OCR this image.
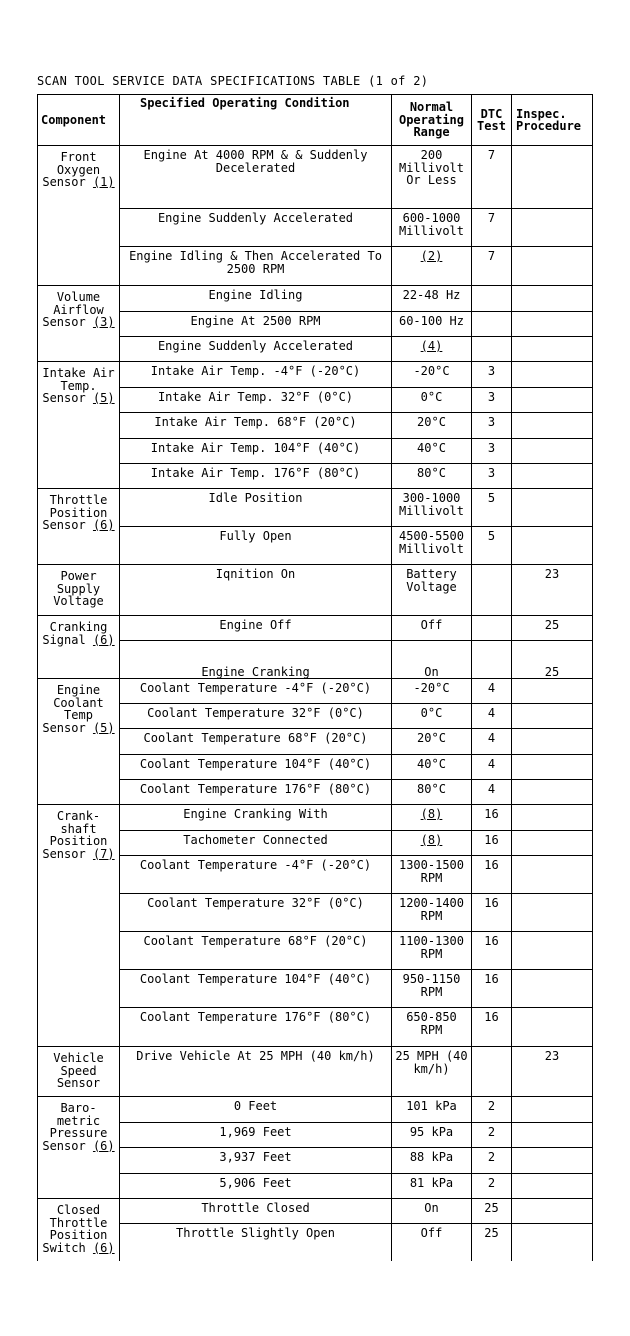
SCAN TOOL SERVICE DATA SPECIFICATIONS TABLE (1 of 2)
Component	Specified Operating Condition	Normal Operating Range	DTC Test	Inspec. Procedure
Front Oxygen Sensor (1)	Engine At 4000 RPM & & Suddenly Decelerated	200 Millivolt Or Less	7	
	Engine Suddenly Accelerated	600-1000 Millivolt	7	
	Engine Idling & Then Accelerated To 2500 RPM	(2)	7	
Volume Airflow Sensor (3)	Engine Idling	22-48 Hz		
	Engine At 2500 RPM	60-100 Hz		
	Engine Suddenly Accelerated	(4)		
Intake Air Temp. Sensor (5)	Intake Air Temp. -4°F (-20°C)	-20°C	3	
	Intake Air Temp. 32°F (0°C)	0°C	3	
	Intake Air Temp. 68°F (20°C)	20°C	3	
	Intake Air Temp. 104°F (40°C)	40°C	3	
	Intake Air Temp. 176°F (80°C)	80°C	3	
Throttle Position Sensor (6)	Idle Position	300-1000 Millivolt	5	
	Fully Open	4500-5500 Millivolt	5	
Power Supply Voltage	Iqnition On	Battery Voltage		23
Cranking Signal (6)	Engine Off	Off		25
	Engine Cranking	On		25
Engine Coolant Temp Sensor (5)	Coolant Temperature -4°F (-20°C)	-20°C	4	
	Coolant Temperature 32°F (0°C)	0°C	4	
	Coolant Temperature 68°F (20°C)	20°C	4	
	Coolant Temperature 104°F (40°C)	40°C	4	
	Coolant Temperature 176°F (80°C)	80°C	4	
Crank-shaft Position Sensor (7)	Engine Cranking With	(8)	16	
	Tachometer Connected	(8)	16	
	Coolant Temperature -4°F (-20°C)	1300-1500 RPM	16	
	Coolant Temperature 32°F (0°C)	1200-1400 RPM	16	
	Coolant Temperature 68°F (20°C)	1100-1300 RPM	16	
	Coolant Temperature 104°F (40°C)	950-1150 RPM	16	
	Coolant Temperature 176°F (80°C)	650-850 RPM	16	
Vehicle Speed Sensor	Drive Vehicle At 25 MPH (40 km/h)	25 MPH (40 km/h)		23
Baro-metric Pressure Sensor (6)	0 Feet	101 kPa	2	
	1,969 Feet	95 kPa	2	
	3,937 Feet	88 kPa	2	
	5,906 Feet	81 kPa	2	
Closed Throttle Position Switch (6)	Throttle Closed	On	25	
	Throttle Slightly Open	Off	25	
